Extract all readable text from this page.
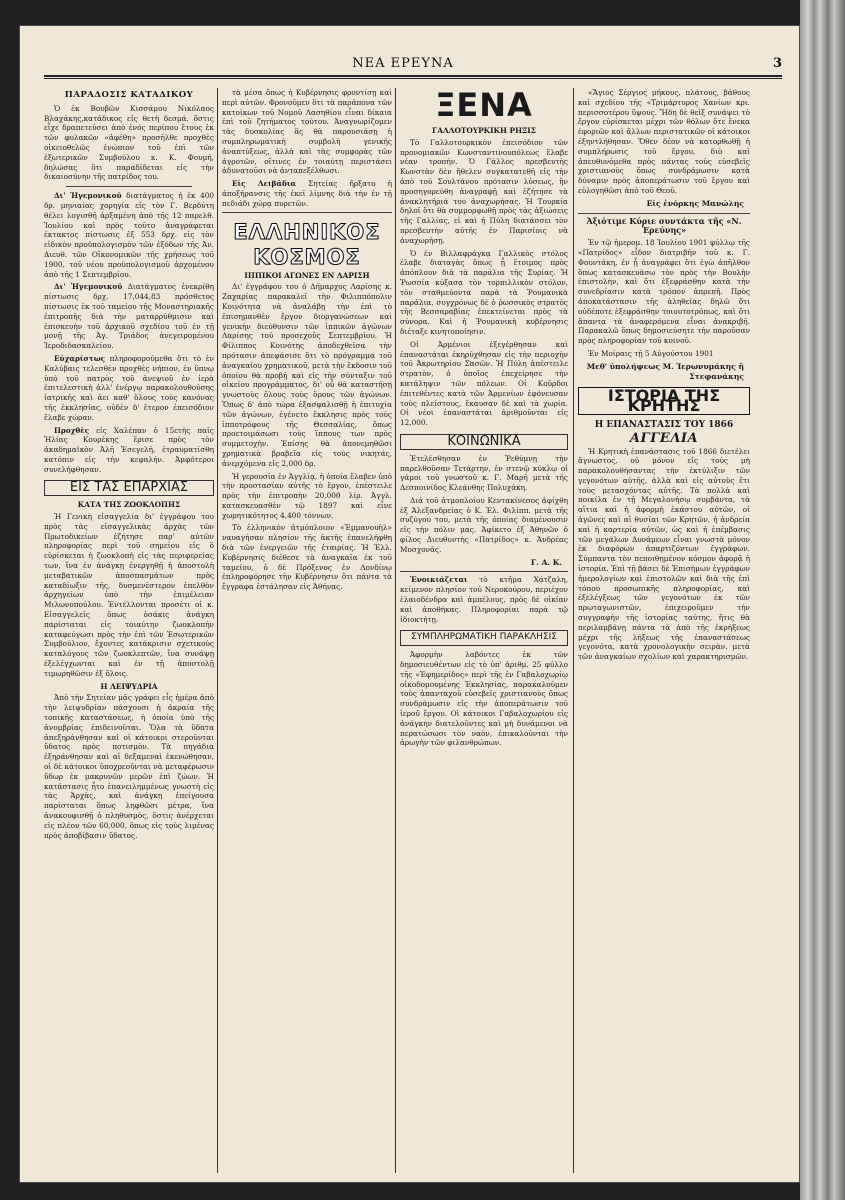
ΝΕΑ ΕΡΕΥΝΑ	3
ΠΑΡΑΔΟΣΙΣ ΚΑΤΑΔΙΚΟΥ

Ὁ ἐκ Βουβῶν Κισσάμου Νικόλαος Βλαχάκης,κατάδικος εἰς θετὴ δεσμά, ὅστις εἶχε δραπετεύσει ἀπὸ ἐνός περίπου ἔτους ἐκ τῶν φυλακῶν «ἀφέθη» προσῆλθε προχθὲς οἰκειοθελῶς ἐνώπιον τοῦ ἐπὶ τῶν ἐξωτερικῶν Συμβούλου κ. Κ. Φουμή, δηλώσας ὅτι παραδίδεται εἰς τὴν δικαιοσύνην τῆς πατρίδος του.

Δι' Ἡγεμονικοῦ διατάγματος ἡ ἐκ 400 δρ. μηνιαίας χορηγία εἰς τὸν Γ. Βερδύτη θέλει λογισθῆ ἀρξαμένη ἀπὸ τῆς 12 παρελθ. Ἰουλίου καὶ πρὸς τοῦτο ἀναγράφεται ἐκτακτος πίστωσις ἐξ 553 δρχ. εἰς τὸν εἰδικὸν προϋπολογισμὸν τῶν ἐξόδων τῆς Ἀν. Διευθ. τῶν Οἰκονομικῶν τῆς χρήσεως τοῦ 1900, τοῦ νέου προϋπολογισμοῦ ἀρχομένου ἀπὸ τῆς 1 Σεπτεμβρίου.

Δι' Ἡγεμονικοῦ Διατάγματος ἐνεκρίθη πίστωσις δρχ. 17,044,83 πρόσθετος πίστωσις ἐκ τοῦ ταμείου τῆς Μοναστηριακῆς ἐπιτροπῆς διὰ τὴν ματαρρύθμισιν καὶ ἐπισκευὴν τοῦ ἀρχικοῦ σχεδίου τοῦ ἐν τῇ μονῇ τῆς Ἀγ. Τριάδος ἀνεγειρομένου Ἱεροδιδασκαλείου.

Εὐχαρίστως πληροφορούμεθα ὅτι τὸ ἐν Καλύβαις τελεσθὲν προχθὲς νήπιον, ἐν ὕπνῳ ὑπὸ τοῦ πατρὸς τοῦ ἀνεψιοῦ ἐν ἱερὰ ἐπιτελεστικὴ ἀλλ' ἐνέργῳ παρακολουθούσης ἰατρικῆς καὶ ἀει καθ' ὅλους τοὺς κανόνας τῆς ἐκκλησίας, οὐδὲν δ' ἕτερον ἐπεισόδιον ἔλαβε χώραν.

Προχθὲς εἰς Χαλέπαν ὁ 15ετὴς παῖς Ἠλίας Κουρέκης ἔρισε πρὸς τὸν ἀκαδημαϊκὸν Ἀλῆ Ἐσεγελῆ, ἐτραυματίσθη κατόπιν εἰς τὴν κεφαλήν. Ἀμφότεροι συνελήφθησαν.

ΕΙΣ ΤΑΣ ΕΠΑΡΧΙΑΣ
ΚΑΤΑ ΤΗΣ ΖΩΟΚΛΟΠΗΣ

Ἡ Γενικὴ εἰσαγγελία δι' ἐγγράφου του πρὸς τὰς εἰσαγγελικὰς ἀρχὰς τῶν Πρωτοδικείων ἐζήτησε παρ' αὐτῶν πληροφορίας περὶ τοῦ σημείου εἰς ὃ εὑρίσκεται ἡ ζωοκλοπὴ εἰς τὰς περιφερείας των, ἵνα ἐν ἀνάγκῃ ἐνεργηθῇ ἡ ἀποστολὴ μεταβατικῶν ἀποσπασμάτων πρὸς καταδίωξιν τῆς, δυσμενέστερον ἐπελθὸν ἀρχηγείων ὑπὸ τὴν ἐπιμέλειαν Μιλωνοπούλου. Ἐντέλλονται προσέτι οἱ κ. Εἰσαγγελεῖς ὅπως ὁσάκις ἀνάγκη παρίσταται εἰς τοιαύτην ζωοκλοπὴν καταφεύγωσι πρὸς τὴν ἐπὶ τῶν Ἐσωτερικῶν Συμβούλιον, ἔχοντες κατάκρισιν σχετικοὺς καταλόγους τῶν ζωοκλεπτῶν, ἵνα συνάψῃ ἐξελέγχωνται καὶ ἐν τῇ ἀποστολῇ τιμωρηθῶσιν ἐξ ὅλοις.

Η ΛΕΙΨΥΔΡΙΑ

Ἀπὸ τὴν Σητείαν μᾶς γράφει εἷς ἡμέρα ἀπὸ τὴν λειψυδρίαν πάσχουσι ἡ ἀκραία τῆς τοπικῆς καταστάσεως, ἡ ὁποία ὑπὸ τῆς ἀνομβρίας ἐπιδεινοῦται. Ὅλα τὰ ὕδατα ἀπεξηράνθησαν καὶ οἱ κάτοικοι στεροῦνται ὕδατος πρὸς ποτισμὸν. Τὰ πηγάδια ἐξηράνθησαν καὶ αἱ δεξαμεναὶ ἐκενώθησαν, οἱ δὲ κάτοικοι ὑποχρεοῦνται νὰ μεταφέρωσιν ὕδωρ ἐκ μακρυνῶν μερῶν ἐπὶ ζώων. Ἡ κατάστασις ἦτο ἐπανειλημμένως γνωστὴ εἰς τὰς Ἀρχὰς, καὶ ἀνάγκη ἐπείγουσα παρίσταται ὅπως ληφθῶσι μέτρα, ἵνα ἀνακουφισθῇ ὁ πληθυσμὸς, ὅστις ἀνέρχεται εἰς πλέον τῶν 60,000, ὅπως εἰς τοὺς λιμένας πρὸς ἀποβίβασιν ὕδατος.

τὰ μέσα ὅπως ἡ Κυβέρνησις φροντίσῃ καὶ περὶ αὐτῶν. Φρονοῦμεν ὅτι τὰ παράπονα τῶν κατοίκων τοῦ Νομοῦ Λασηθίου εἶναι δίκαια ἐπὶ τοῦ ζητήματος τούτου. Ἀναγνωρίζομεν τὰς δυσκολίας ἃς θὰ παρουσιάσῃ ἡ συμπληρωματικὴ συμβολὴ γενικῆς ἀναπτύξεως, ἀλλὰ καὶ τὰς συμφορὰς τῶν ἀγροτῶν, οἵτινες ἐν τοιαύτῃ περιστάσει ἀδυνατοῦσι νὰ ἀνταπεξέλθωσι.

Εἰς Λειβάδια Σητείας ἤρξατο ἡ ἀποξήρανσις τῆς ἐκεῖ λίμνης διὰ τὴν ἐν τῇ πεδιάδι χώρᾳ πυρετῶν.

ΕΛΛΗΝΙΚΟΣ
ΚΟΣΜΟΣ
ΙΠΠΙΚΟΙ ΑΓΩΝΕΣ ΕΝ ΛΑΡΙΣΗ

Δι' ἐγγράφου του ὁ Δήμαρχος Λαρίσης κ. Ζαχαρίας παρακαλεῖ τὴν Φιλιππόπολιν Κοινότητα νὰ ἀναλάβῃ τὴν ἐπὶ τὸ ἐπισημανθὲν ἔργον διοργανώσεων καὶ γενικὴν διεύθυνσιν τῶν ἱππικῶν ἀγώνων Λαρίσης τοῦ προσεχοῦς Σεπτεμβρίου. Ἡ Φίλιππος Κοινότης ἀποδεχθεῖσα τὴν πρότασιν ἀπεφάσισε ὅτι τὸ πρόγραμμα τοῦ ἀναγκαίου χρηματικοῦ, μετὰ τὴν ἔκδοσιν τοῦ ὁποίου θὰ προβῇ καὶ εἰς τὴν σύνταξιν τοῦ οἰκείου προγράμματος, δι' οὗ θὰ καταστήσῃ γνωστοὺς ὅλους τοὺς ὅρους τῶν ἀγώνων. Ὅπως δ' ἀπὸ τώρα ἐξασφαλισθῇ ἡ ἐπιτυχία τῶν ἀγώνων, ἐγένετο ἔκκλησις πρὸς τοὺς ἱπποτρόφους τῆς Θεσσαλίας, ὅπως προετοιμάσωσι τοὺς ἵππους των πρὸς συμμετοχὴν. Ἐπίσης θὰ ἀπονεμηθῶσι χρηματικὰ βραβεῖα εἰς τοὺς νικητάς, ἀνερχόμενα εἰς 2,000 δρ.

Ἡ γερουσία ἐν Ἀγγλίᾳ, ἡ ὁποία ἔλαβεν ὑπὸ τὴν προστασίαν αὐτῆς τὸ ἔργον, ἐπέστειλε πρὸς τὴν ἐπιτροπὴν 20,000 λίρ. Ἀγγλ. κατασκευασθὲν τῷ 1897 καὶ εἶνε χωρητικότητος 4,400 τόννων.

Τὸ ἑλληνικὸν ἀτμόπλοιον «Ἐμμανουὴλ» ναυαγήσαν πλησίον τῆς ἀκτῆς ἐπανελήφθη διὰ τῶν ἐνεργειῶν τῆς ἑταιρίας. Ἡ Ἑλλ. Κυβέρνησις διέθεσε τὰ ἀναγκαῖα ἐκ τοῦ ταμείου, ὁ δὲ Πρόξενος ἐν Λονδίνῳ ἐπληροφόρησε τὴν Κυβέρνησιν ὅτι πάντα τὰ ἔγγραφα ἐστάλησαν εἰς Ἀθήνας.

ΞΕΝΑ
ΓΑΛΛΟΤΟΥΡΚΙΚΗ ΡΗΞΙΣ

Τὸ Γαλλοτουρκικὸν ἐπεισόδιον τῶν προνομιακῶν Κωνσταντινουπόλεως ἔλαβε νέαν τροπήν. Ὁ Γάλλος πρεσβευτὴς Κωνστὰν δὲν ἤθελεν συγκατατεθῆ εἰς τὴν ἀπὸ τοῦ Σουλτάνου πρότασιν λύσεως, ἣν προσηγορεύθη ἀναγραφῇ καὶ ἐζήτησε τὰ ἀνακλητήριά του ἀναχωρήσας. Ἡ Τουρκία δηλοῖ ὅτι θὰ συμμορφωθῇ πρὸς τὰς ἀξιώσεις τῆς Γαλλίας, εἰ καὶ ἡ Πύλη διατάσσει τὸν πρεσβευτὴν αὐτῆς ἐν Παρισίοις νὰ ἀναχωρήσῃ.

Ὁ ἐν Βιλλαφράγκᾳ Γαλλικὸς στόλος ἐλαβε διαταγὰς ὅπως ᾖ ἕτοιμος πρὸς ἀπόπλουν διὰ τὰ παράλια τῆς Συρίας. Ἡ Ῥωσσία κύξασα τὸν τορπιλλικὸν στόλον, τὸν σταθμεύοντα παρὰ τὰ Ῥουμανικὰ παράλια, συγχρόνως δὲ ὁ ῥωσσικὸς στρατὸς τῆς Βεσσαραβίας ἐπεκτείνεται πρὸς τὰ σύνορα. Καὶ ἡ Ῥουμανικὴ κυβέρνησις διέταξε κινητοποίησιν.

Οἱ Ἀρμένιοι ἐξεγέρθησαν καὶ ἐπαναστάται ἐκηρύχθησαν εἰς τὴν περιοχὴν τοῦ Ἀκρωτηρίου Σασῶν. Ἡ Πύλη ἀπέστειλε στρατὸν, ὁ ὁποῖος ἐπεχείρησε τὴν κατάληψιν τῶν πόλεων. Οἱ Κοῦρδοι ἐπιτεθέντες κατὰ τῶν Ἀρμενίων ἐφόνευσαν τοὺς πλείστους, ἔκαυσαν δὲ καὶ τὰ χωρία. Οἱ νέοι ἐπαναστάται ἀριθμοῦνται εἰς 12,000.

ΚΟΙΝΩΝΙΚΑ

Ἐτελέσθησαν ἐν Ῥεθύμνῃ τὴν παρελθοῦσαν Τετάρτην, ἐν στενῷ κύκλῳ οἱ γάμοι τοῦ γνωστοῦ κ. Γ. Μαρῆ μετὰ τῆς Δεσποινίδος Κλεάνθης Πολυχάκη.

Διά τοῦ ἀτμοπλοίου Κεντακίνεσος ἀφίχθη ἐξ Ἀλεξανδρείας ὁ Κ. Ἐλ. Φιλίππ. μετὰ τῆς συζύγου του, μετὰ τῆς ὁποίας διαμένουσιν εἰς τὴν πόλιν μας. Ἀφίκετο ἐξ Ἀθηνῶν ὁ φίλος Διευθυντὴς «Πατρίδος» κ. Ἀνδρέας Μοσχονᾶς.

Γ. Α. Κ.

Ἐνοικιάζεται τὸ κτῆμα Χάτζαλη, κείμενον πλησίον τοῦ Νεροκούρου, περιέχον ἐλαιοδένδρα καὶ ἀμπέλους, πρὸς δὲ οἰκίαν καὶ ἀποθήκας. Πληροφορίαι παρὰ τῷ ἰδιοκτήτῃ.

ΣΥΜΠΛΗΡΩΜΑΤΙΚΗ ΠΑΡΑΚΛΗΣΙΣ

Ἀφορμὴν λαβόντες ἐκ τῶν δημοσιευθέντων εἰς τὸ ὑπ' ἀριθμ. 25 φύλλο τῆς «Ἐφημερίδος» περὶ τῆς ἐν Γαβαλοχωρίῳ οἰκοδομουμένης Ἐκκλησίας, παρακαλοῦμεν τοὺς ἀπανταχοῦ εὐσεβεῖς χριστιανοὺς ὅπως συνδράμωσιν εἰς τὴν ἀποπεράτωσιν τοῦ ἱεροῦ ἔργου. Οἱ κάτοικοι Γαβαλοχωρίου εἰς ἀνάγκην διατελοῦντες καὶ μὴ δυνάμενοι νὰ περατώσωσι τὸν ναὸν, ἐπικαλοῦνται τὴν ἀρωγὴν τῶν φιλανθρώπων.

«Ἅγιος Σέργιος μήκους, πλάτους, βάθους καὶ σχεδίου τῆς «Τριμάρτυρος Χανίων κρι. περισσοτέρου ὕψους. Ἤδη δὲ θεὶξ συνάψει τὸ ἔργον εὑρίσκεται μέχρι τῶν θόλων ὅτε ἔνεκα ἐφοριῶν καὶ ἄλλων περιστατικῶν οἱ κάτοικοι ἐξηντλήθησαν. Ὅθεν δέον νὰ κατορθωθῇ ἡ συμπλήρωσις τοῦ ἔργου, διὸ καὶ ἀπευθυνόμεθα πρὸς πάντας τοὺς εὐσεβεῖς χριστιανοὺς ὅπως συνδράμωσιν κατὰ δύναμιν πρὸς ἀποπεράτωσιν τοῦ ἔργου καὶ εὐλογηθῶσι ἀπὸ τοῦ Θεοῦ.

Εἰς ἐνόρκης Μανώλης
Ἀξιότιμε Κύριε συντάκτα τῆς «Ν. Ἐρεύνης»

Ἐν τῷ ἡμερομ. 18 Ἰουλίου 1901 φύλλῳ τῆς «Πατρίδος» εἶδον διατριβὴν τοῦ κ. Γ. Φουντάκη, ἐν ᾗ ἀναγράφει ὅτι ἐγὼ ἀπῆλθον ὅπως κατασκευάσω τὸν πρὸς τὴν Βουλὴν ἐπιστολὴν, καὶ ὅτι ἐξεφράσθην κατὰ τὴν συνεδρίασιν κατὰ τρόπον ἀπρεπῆ. Πρὸς ἀποκατάστασιν τῆς ἀληθείας δηλῶ ὅτι οὐδέποτε ἐξεφράσθην τοιουτοτρόπως, καὶ ὅτι ἅπαντα τὰ ἀναφερόμενα εἶναι ἀνακριβῆ. Παρακαλῶ ὅπως δημοσιεύσητε τὴν παροῦσαν πρὸς πληροφορίαν τοῦ κοινοῦ.

Ἐν Μοίραις τῇ 5 Αὐγούστου 1901

Μεθ' ὑπολήψεως Μ. Ἱερωνυμάκης ἢ Στεφανάκης
ΙΣΤΟΡΙΑ ΤΗΣ ΚΡΗΤΗΣ
Η ΕΠΑΝΑΣΤΑΣΙΣ ΤΟΥ 1866
ΑΓΓΕΛΙΑ

Ἡ Κρητικὴ ἐπανάστασις τοῦ 1866 διετέλει ἄγνωστος, οὐ μόνον εἰς τοὺς μὴ παρακολουθήσαντας τὴν ἐκτύλιξιν τῶν γεγονότων αὐτῆς, ἀλλὰ καὶ εἰς αὐτοὺς ἔτι τοὺς μετασχόντας αὐτῆς. Τὰ πολλὰ καὶ ποικίλα ἐν τῇ Μεγαλονήσῳ συμβάντα, τὰ αἴτια καὶ ἡ ἀφορμὴ ἑκάστου αὐτῶν, οἱ ἀγῶνες καὶ αἱ θυσίαι τῶν Κρητῶν, ἡ ἀνδρεία καὶ ἡ καρτερία αὐτῶν, ὡς καὶ ἡ ἐπέμβασις τῶν μεγάλων Δυνάμεων εἶναι γνωστὰ μόνον ἐκ διαφόρων ἀπαρτιζόντων ἐγγράφων. Σύμπαντα τὸν πεποιθημένον κόσμον ἀφορᾷ ἡ ἱστορία. Ἐπὶ τῇ βάσει δὲ Ἐπισήμων ἐγγράφων ἡμερολογίων καὶ ἐπιστολῶν καὶ διὰ τῆς ἐπὶ τόπου προσωπικῆς πληροφορίας, καὶ ἐξελέγξεως τῶν γεγονότων ἐκ τῶν πρωταγωνιστῶν, ἐπιχειροῦμεν τὴν συγγραφὴν τῆς ἱστορίας ταύτης, ἥτις θὰ περιλαμβάνῃ πάντα τὰ ἀπὸ τῆς ἐκρήξεως μέχρι τῆς λήξεως τῆς ἐπαναστάσεως γεγονότα, κατὰ χρονολογικὴν σειρὰν, μετὰ τῶν ἀναγκαίων σχολίων καὶ χαρακτηρισμῶν.
